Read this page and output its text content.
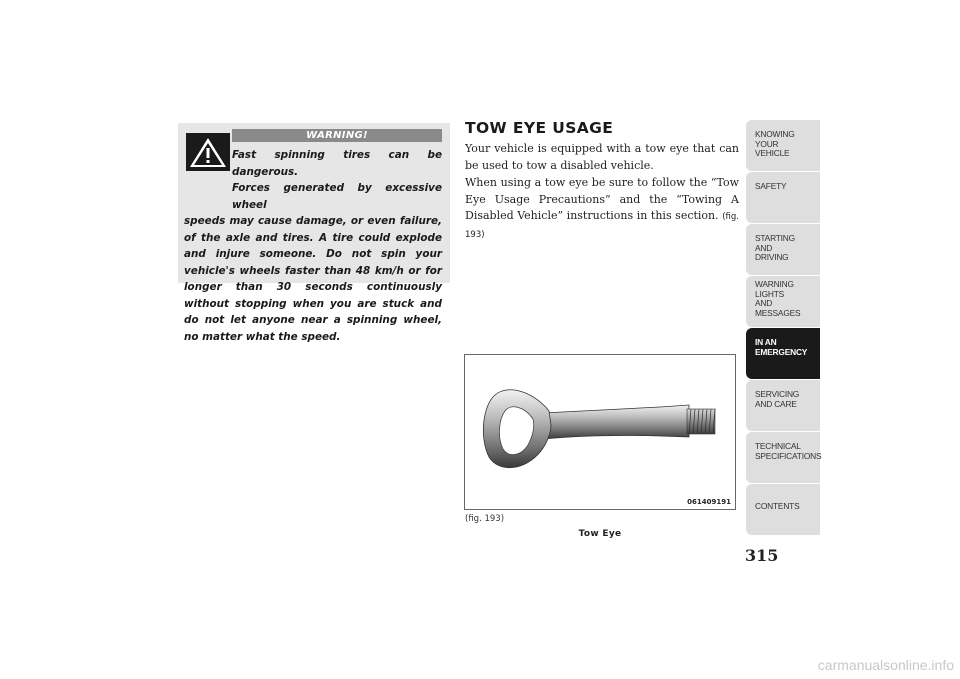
WARNING!

Fast spinning tires can be dangerous.
Forces generated by excessive wheel
speeds may cause damage, or even failure, of the axle and tires. A tire could explode and injure someone. Do not spin your vehicle's wheels faster than 48 km/h or for longer than 30 seconds continuously without stopping when you are stuck and do not let anyone near a spinning wheel, no matter what the speed.

TOW EYE USAGE

Your vehicle is equipped with a tow eye that can be used to tow a disabled vehicle.

When using a tow eye be sure to follow the “Tow Eye Usage Precautions” and the “Towing A Disabled Vehicle” instructions in this section. (fig. 193)

061409191
(fig. 193)
Tow Eye
KNOWING
YOUR
VEHICLE
SAFETY
STARTING
AND
DRIVING
WARNING
LIGHTS
AND
MESSAGES
IN AN
EMERGENCY
SERVICING
AND CARE
TECHNICAL
SPECIFICATIONS
CONTENTS
315
carmanualsonline.info
